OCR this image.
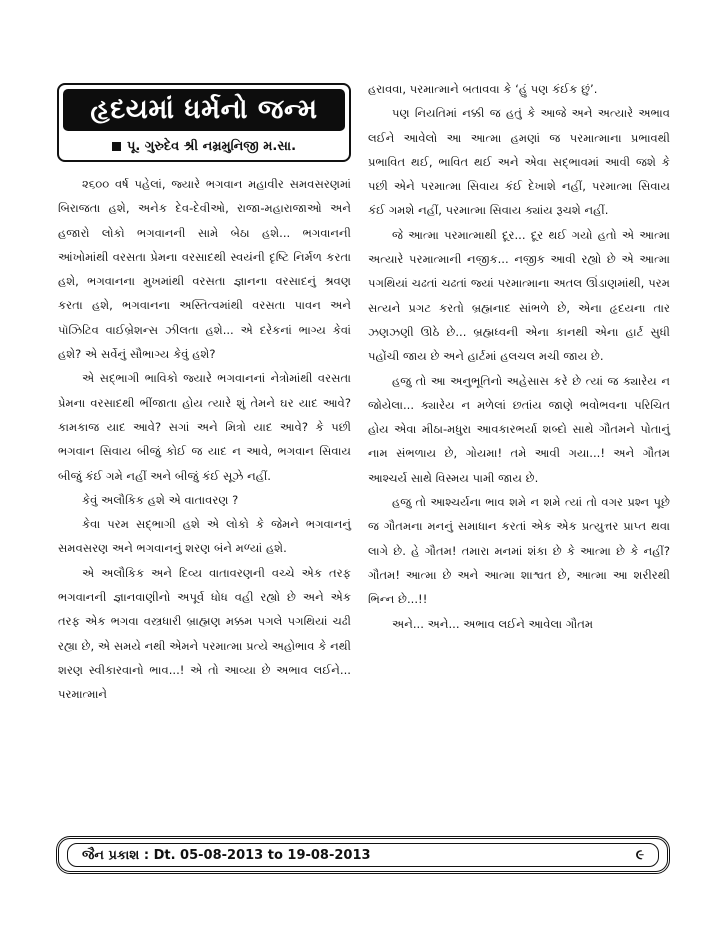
હૃદયમાં ધર્મનો જન્મ
પૂ. ગુરુદેવ શ્રી નમ્રમુનિજી મ.સા.

૨૬૦૦ વર્ષ પહેલાં, જ્યારે ભગવાન મહાવીર સમવસરણમાં બિરાજતા હશે, અનેક દેવ-દેવીઓ, રાજા-મહારાજાઓ અને હજારો લોકો ભગવાનની સામે બેઠા હશે... ભગવાનની આંખોમાંથી વરસતા પ્રેમના વરસાદથી સ્વયંની દૃષ્ટિ નિર્મળ કરતા હશે, ભગવાનના મુખમાંથી વરસતા જ્ઞાનના વરસાદનું શ્રવણ કરતા હશે, ભગવાનના અસ્તિત્વમાંથી વરસતા પાવન અને પૉઝિટિવ વાઈબ્રેશન્સ ઝીલતા હશે... એ દરેકનાં ભાગ્ય કેવાં હશે? એ સર્વેનું સૌભાગ્ય કેવું હશે?

એ સદ્ભાગી ભાવિકો જ્યારે ભગવાનનાં નેત્રોમાંથી વરસતા પ્રેમના વરસાદથી ભીંજાતા હોય ત્યારે શું તેમને ઘર યાદ આવે? કામકાજ યાદ આવે? સગાં અને મિત્રો યાદ આવે? કે પછી ભગવાન સિવાય બીજું કોઈ જ યાદ ન આવે, ભગવાન સિવાય બીજું કંઈ ગમે નહીં અને બીજું કંઈ સૂઝે નહીં.

કેવું અલૌકિક હશે એ વાતાવરણ ?

કેવા પરમ સદ્ભાગી હશે એ લોકો કે જેમને ભગવાનનું સમવસરણ અને ભગવાનનું શરણ બંને મળ્યાં હશે.

એ અલૌકિક અને દિવ્ય વાતાવરણની વચ્ચે એક તરફ ભગવાનની જ્ઞાનવાણીનો અપૂર્વ ધોધ વહી રહ્યો છે અને એક તરફ એક ભગવા વસ્ત્રધારી બ્રાહ્મણ મક્કમ પગલે પગથિયાં ચઢી રહ્યા છે, એ સમયે નથી એમને પરમાત્મા પ્રત્યે અહોભાવ કે નથી શરણ સ્વીકારવાનો ભાવ...! એ તો આવ્યા છે અભાવ લઈને... પરમાત્માને

હરાવવા, પરમાત્માને બતાવવા કે ‘હું પણ કંઈક છું’.

પણ નિયતિમાં નક્કી જ હતું કે આજે અને અત્યારે અભાવ લઈને આવેલો આ આત્મા હમણાં જ પરમાત્માના પ્રભાવથી પ્રભાવિત થઈ, ભાવિત થઈ અને એવા સદ્ભાવમાં આવી જશે કે પછી એને પરમાત્મા સિવાય કંઈ દેખાશે નહીં, પરમાત્મા સિવાય કંઈ ગમશે નહીં, પરમાત્મા સિવાય ક્યાંય રૂચશે નહીં.

જે આત્મા પરમાત્માથી દૂર... દૂર થઈ ગયો હતો એ આત્મા અત્યારે પરમાત્માની નજીક... નજીક આવી રહ્યો છે એ આત્મા પગથિયાં ચઢતાં ચઢતાં જ્યાં પરમાત્માના અતલ ઊંડાણમાંથી, પરમ સત્યને પ્રગટ કરતો બ્રહ્મનાદ સાંભળે છે, એના હૃદયના તાર ઝણઝણી ઊઠે છે... બ્રહ્મધ્વની એના કાનથી એના હાર્ટ સુધી પહોંચી જાય છે અને હાર્ટમાં હલચલ મચી જાય છે.

હજુ તો આ અનુભૂતિનો અહેસાસ કરે છે ત્યાં જ ક્યારેય ન જોયેલા... ક્યારેય ન મળેલાં છતાંય જાણે ભવોભવના પરિચિત હોય એવા મીઠા-મધુરા આવકારભર્યા શબ્દો સાથે ગૌતમને પોતાનું નામ સંભળાય છે, ગોયમા! તમે આવી ગયા...! અને ગૌતમ આશ્ચર્ય સાથે વિસ્મય પામી જાય છે.

હજુ તો આશ્ચર્યના ભાવ શમે ન શમે ત્યાં તો વગર પ્રશ્ન પૂછે જ ગૌતમના મનનું સમાધાન કરતાં એક એક પ્રત્યુત્તર પ્રાપ્ત થવા લાગે છે. હે ગૌતમ! તમારા મનમાં શંકા છે કે આત્મા છે કે નહીં? ગૌતમ! આત્મા છે અને આત્મા શાશ્વત છે, આત્મા આ શરીરથી ભિન્ન છે...!!

અને... અને... અભાવ લઈને આવેલા ગૌતમ

જૈન પ્રકાશ : Dt. 05-08-2013 to 19-08-2013	૯
